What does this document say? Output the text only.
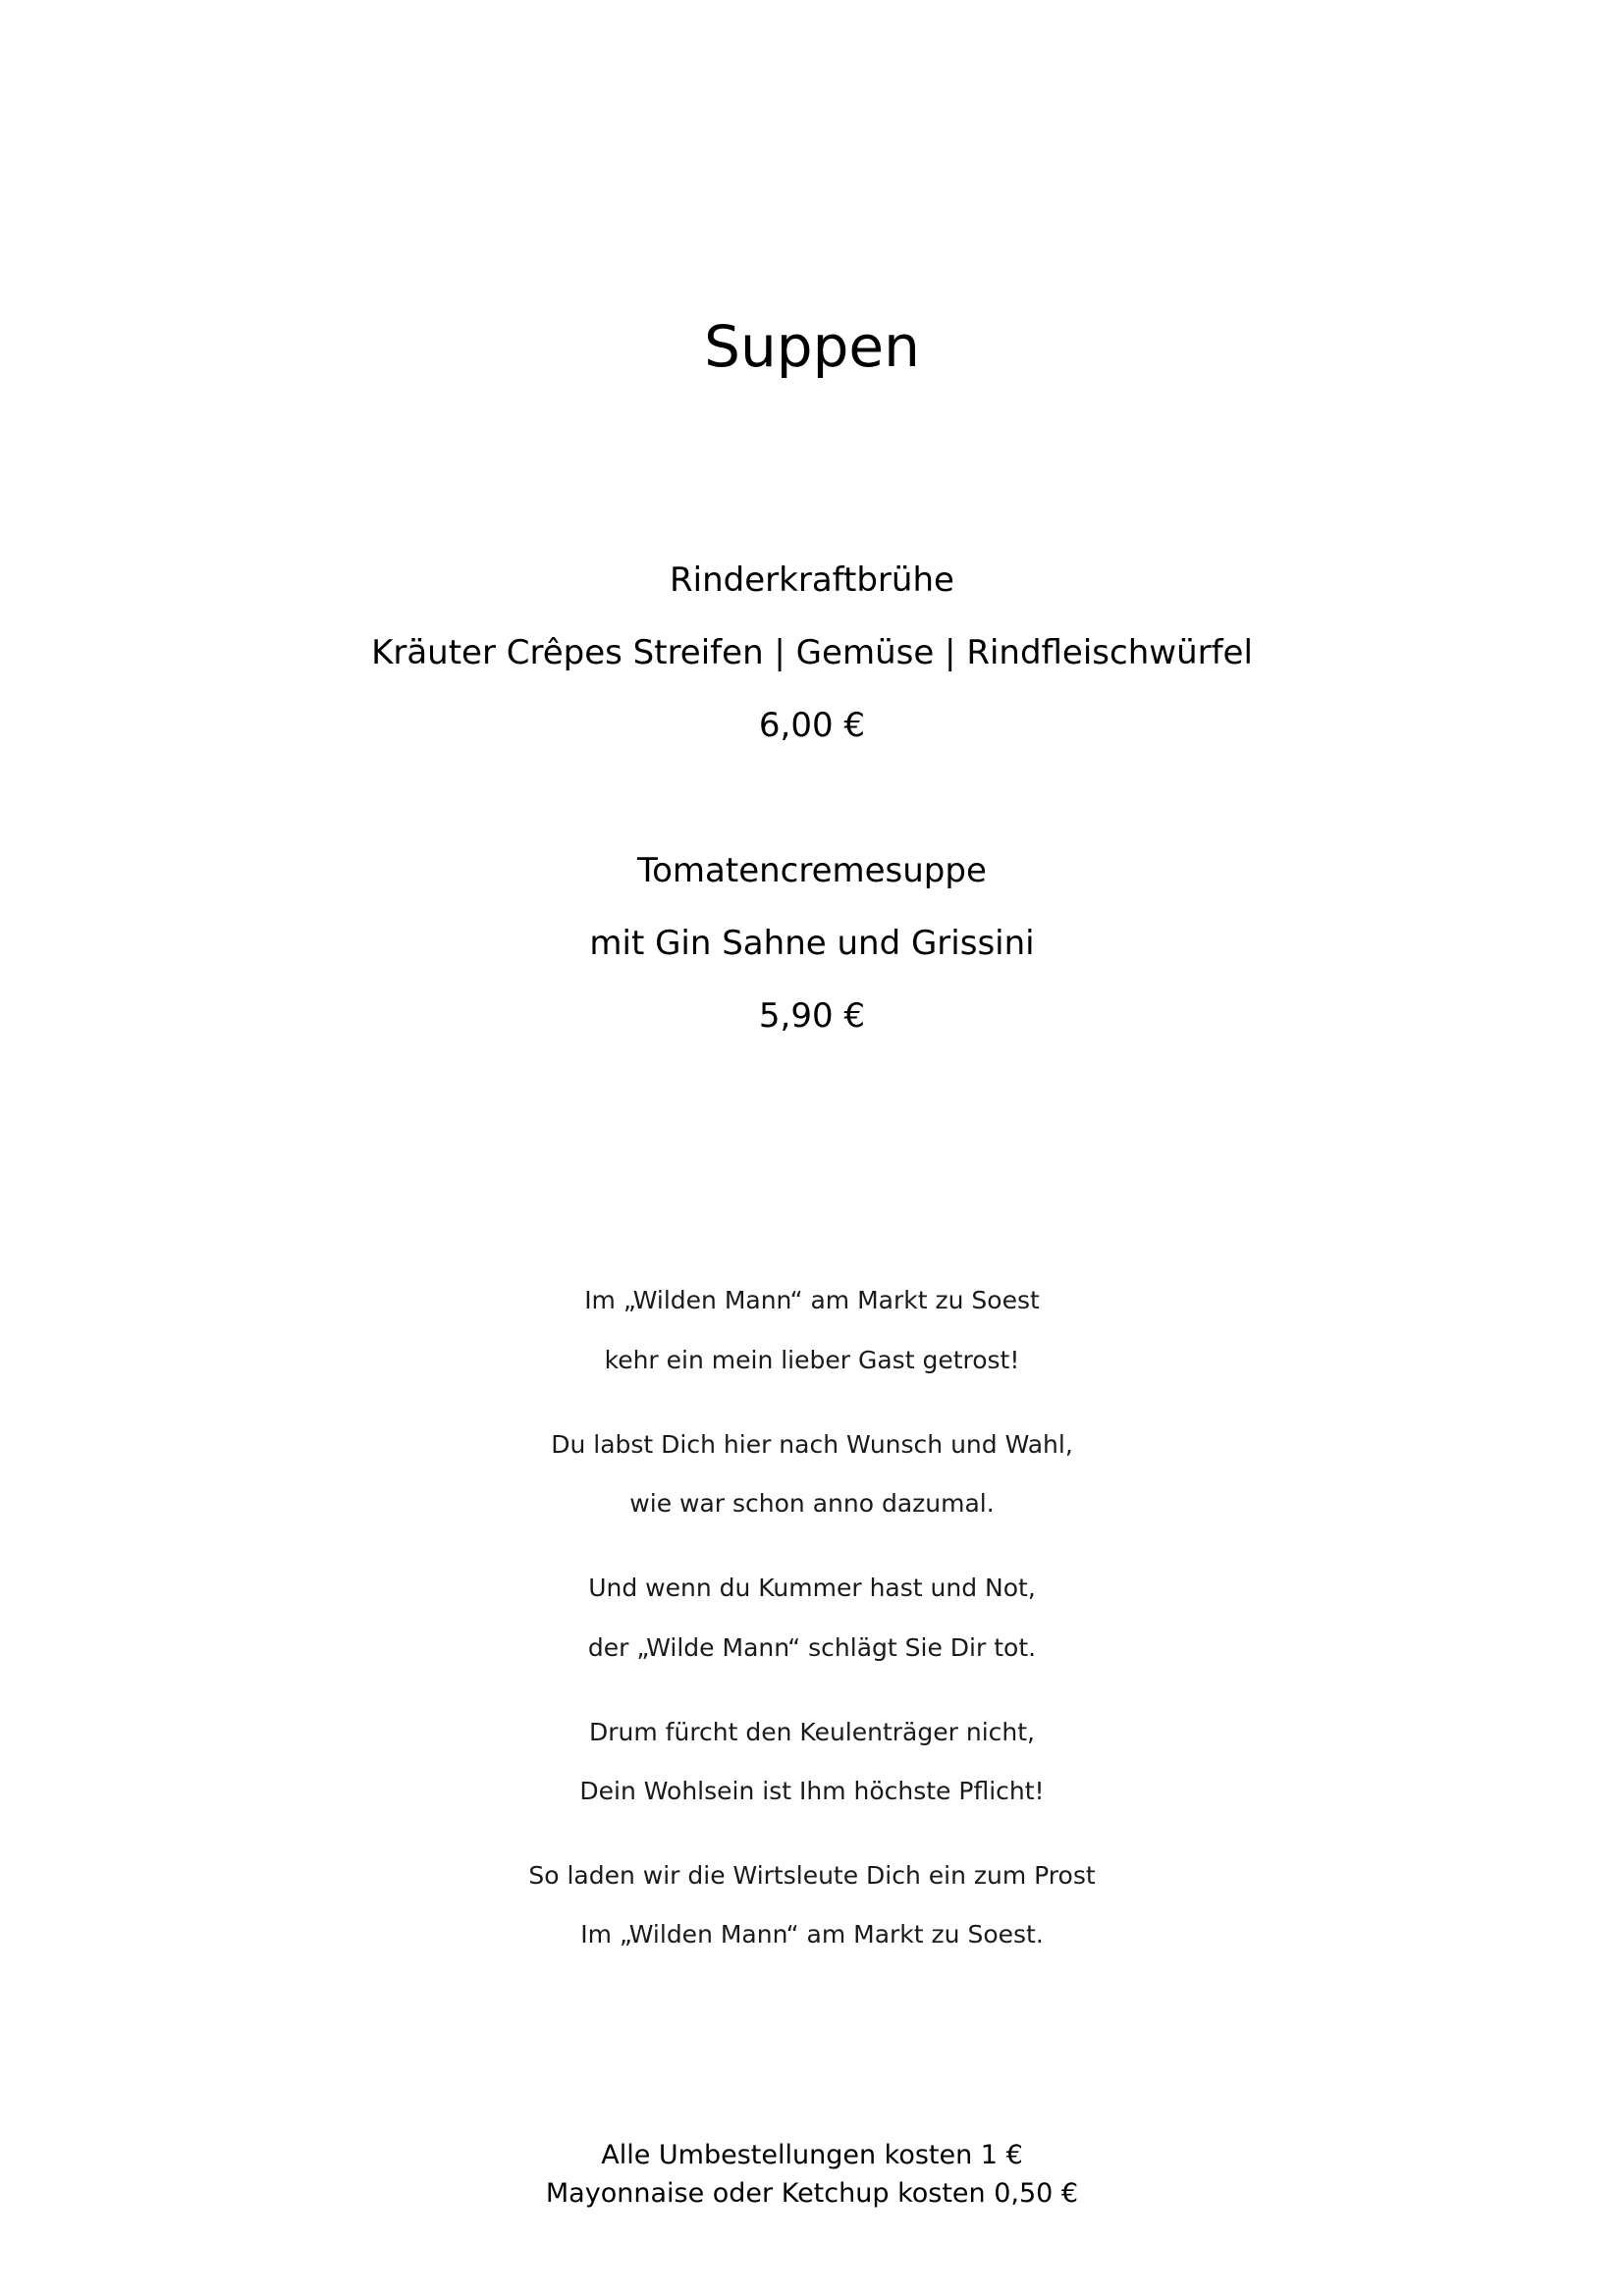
Suppen
Rinderkraftbrühe
Kräuter Crêpes Streifen | Gemüse | Rindfleischwürfel
6,00 €
Tomatencremesuppe
mit Gin Sahne und Grissini
5,90 €
Im „Wilden Mann“ am Markt zu Soest
kehr ein mein lieber Gast getrost!
Du labst Dich hier nach Wunsch und Wahl,
wie war schon anno dazumal.
Und wenn du Kummer hast und Not,
der „Wilde Mann“ schlägt Sie Dir tot.
Drum fürcht den Keulenträger nicht,
Dein Wohlsein ist Ihm höchste Pflicht!
So laden wir die Wirtsleute Dich ein zum Prost
Im „Wilden Mann“ am Markt zu Soest.
Alle Umbestellungen kosten 1 €
Mayonnaise oder Ketchup kosten 0,50 €
